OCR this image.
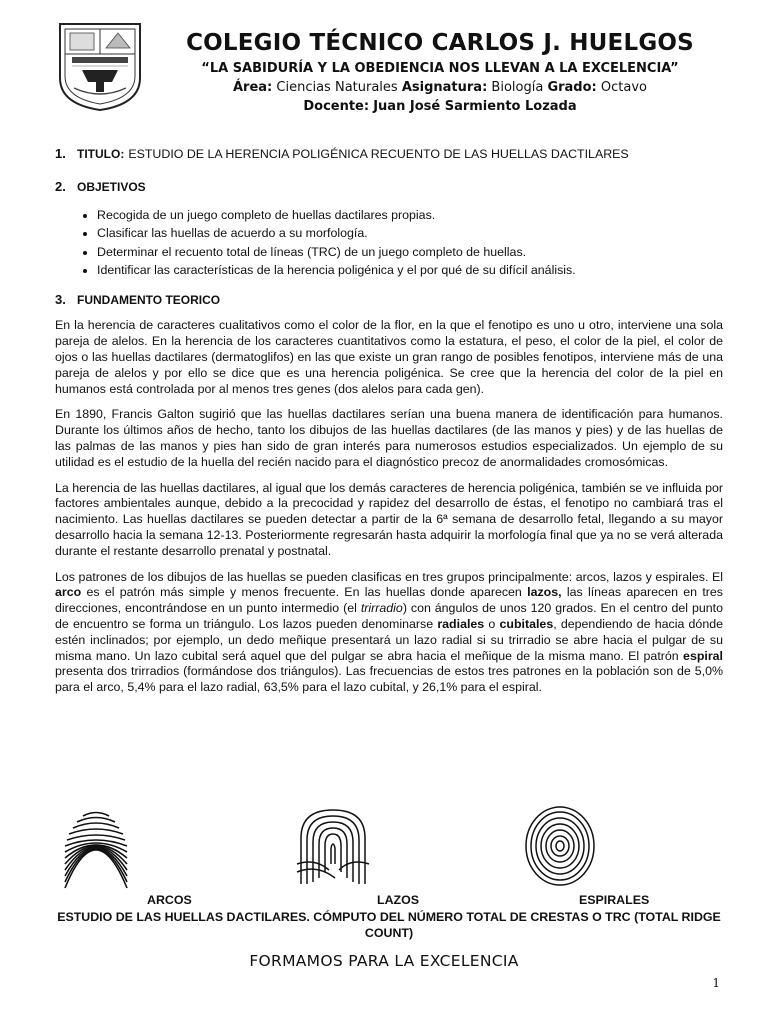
COLEGIO TÉCNICO CARLOS J. HUELGOS
“LA SABIDURÍA Y LA OBEDIENCIA NOS LLEVAN A LA EXCELENCIA”
Área: Ciencias Naturales Asignatura: Biología Grado: Octavo
Docente: Juan José Sarmiento Lozada
1. TITULO: ESTUDIO DE LA HERENCIA POLIGÉNICA RECUENTO DE LAS HUELLAS DACTILARES
2. OBJETIVOS
• Recogida de un juego completo de huellas dactilares propias.
• Clasificar las huellas de acuerdo a su morfología.
• Determinar el recuento total de líneas (TRC) de un juego completo de huellas.
• Identificar las características de la herencia poligénica y el por qué de su difícil análisis.
3. FUNDAMENTO TEORICO

En la herencia de caracteres cualitativos como el color de la flor, en la que el fenotipo es uno u otro, interviene una sola pareja de alelos. En la herencia de los caracteres cuantitativos como la estatura, el peso, el color de la piel, el color de ojos o las huellas dactilares (dermatoglifos) en las que existe un gran rango de posibles fenotipos, interviene más de una pareja de alelos y por ello se dice que es una herencia poligénica. Se cree que la herencia del color de la piel en humanos está controlada por al menos tres genes (dos alelos para cada gen).

En 1890, Francis Galton sugirió que las huellas dactilares serían una buena manera de identificación para humanos. Durante los últimos años de hecho, tanto los dibujos de las huellas dactilares (de las manos y pies) y de las huellas de las palmas de las manos y pies han sido de gran interés para numerosos estudios especializados. Un ejemplo de su utilidad es el estudio de la huella del recién nacido para el diagnóstico precoz de anormalidades cromosómicas.

La herencia de las huellas dactilares, al igual que los demás caracteres de herencia poligénica, también se ve influida por factores ambientales aunque, debido a la precocidad y rapidez del desarrollo de éstas, el fenotipo no cambiará tras el nacimiento. Las huellas dactilares se pueden detectar a partir de la 6ª semana de desarrollo fetal, llegando a su mayor desarrollo hacia la semana 12-13. Posteriormente regresarán hasta adquirir la morfología final que ya no se verá alterada durante el restante desarrollo prenatal y postnatal.

Los patrones de los dibujos de las huellas se pueden clasificas en tres grupos principalmente: arcos, lazos y espirales. El arco es el patrón más simple y menos frecuente. En las huellas donde aparecen lazos, las líneas aparecen en tres direcciones, encontrándose en un punto intermedio (el trirradio) con ángulos de unos 120 grados. En el centro del punto de encuentro se forma un triángulo. Los lazos pueden denominarse radiales o cubitales, dependiendo de hacia dónde estén inclinados; por ejemplo, un dedo meñique presentará un lazo radial si su trirradio se abre hacia el pulgar de su misma mano. Un lazo cubital será aquel que del pulgar se abra hacia el meñique de la misma mano. El patrón espiral presenta dos trirradios (formándose dos triángulos). Las frecuencias de estos tres patrones en la población son de 5,0% para el arco, 5,4% para el lazo radial, 63,5% para el lazo cubital, y 26,1% para el espiral.

ARCOS	LAZOS	ESPIRALES
ESTUDIO DE LAS HUELLAS DACTILARES. CÓMPUTO DEL NÚMERO TOTAL DE CRESTAS O TRC (TOTAL RIDGE COUNT)
FORMAMOS PARA LA EXCELENCIA
1
